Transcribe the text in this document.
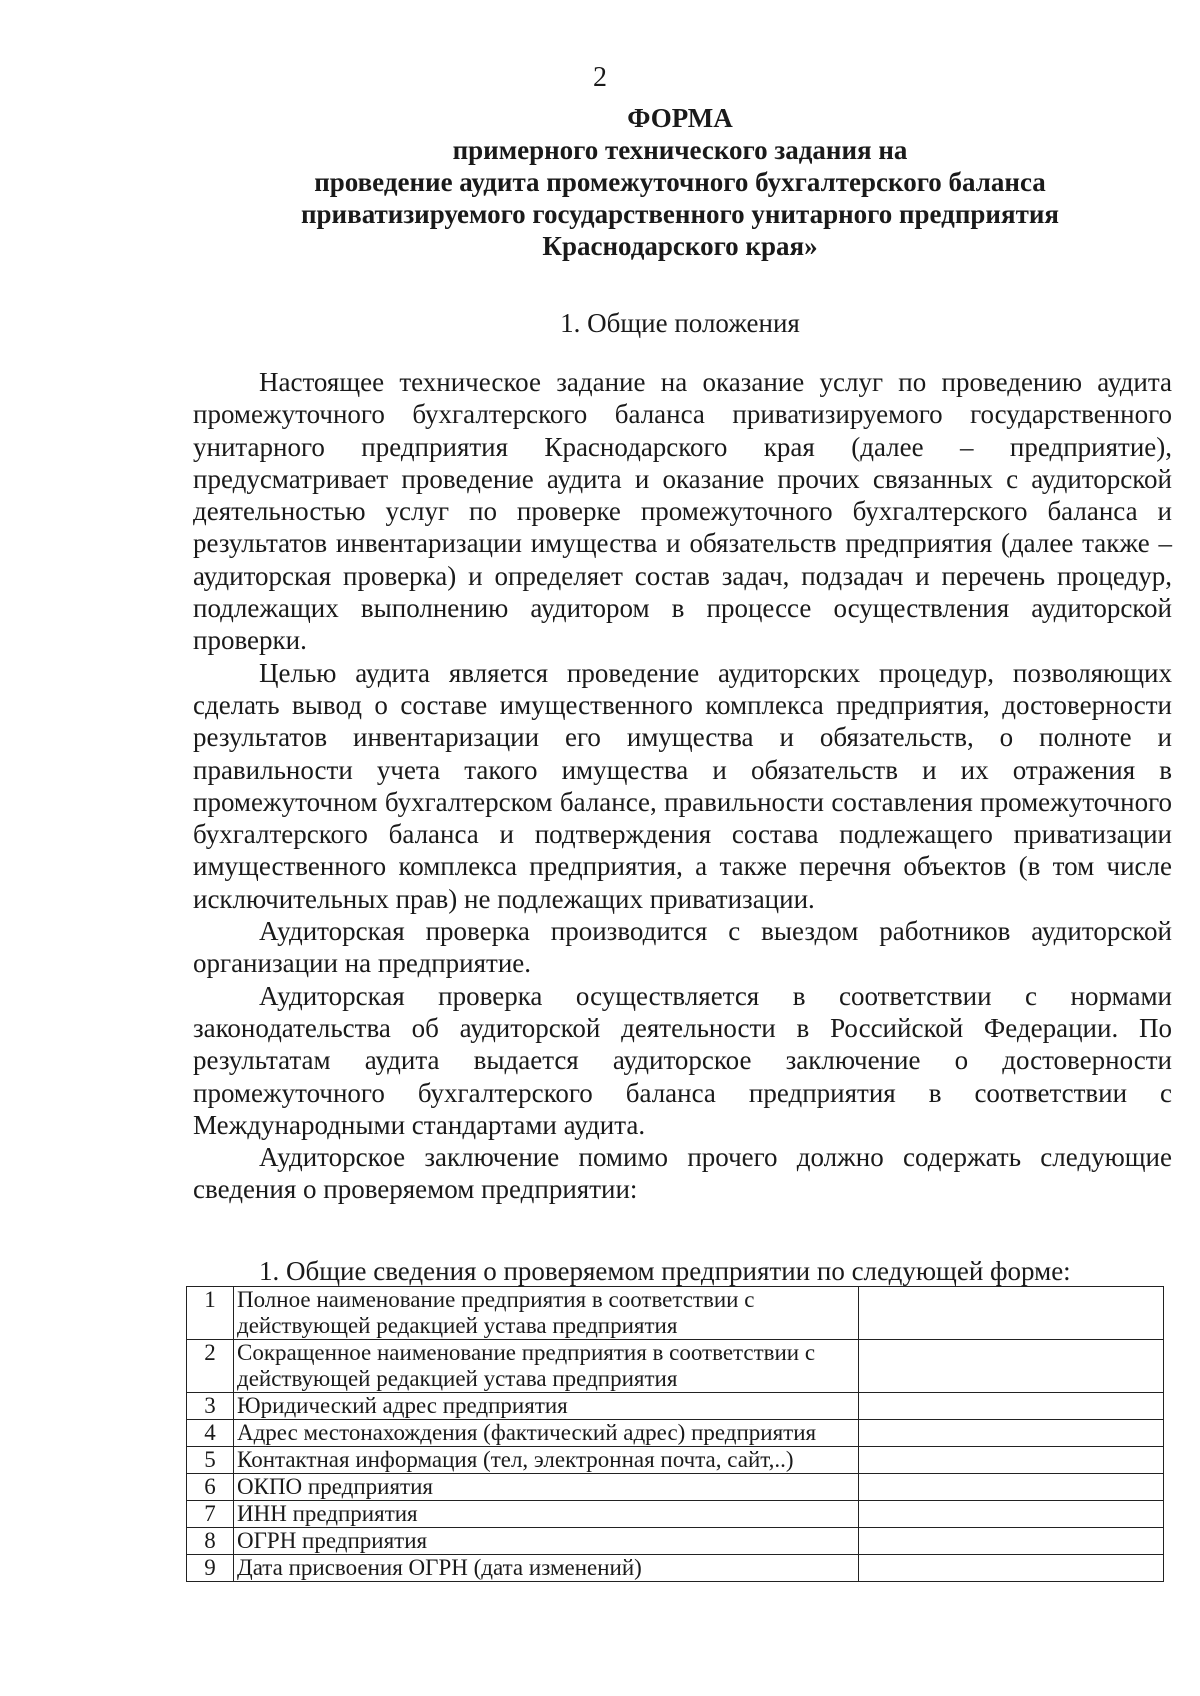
2
ФОРМА
примерного технического задания на
проведение аудита промежуточного бухгалтерского баланса
приватизируемого государственного унитарного предприятия
Краснодарского края»
1. Общие положения

Настоящее техническое задание на оказание услуг по проведению аудита промежуточного бухгалтерского баланса приватизируемого государственного унитарного предприятия Краснодарского края (далее – предприятие), предусматривает проведение аудита и оказание прочих связанных с аудиторской деятельностью услуг по проверке промежуточного бухгалтерского баланса и результатов инвентаризации имущества и обязательств предприятия (далее также – аудиторская проверка) и определяет состав задач, подзадач и перечень процедур, подлежащих выполнению аудитором в процессе осуществления аудиторской проверки.

Целью аудита является проведение аудиторских процедур, позволяющих сделать вывод о составе имущественного комплекса предприятия, достоверности результатов инвентаризации его имущества и обязательств, о полноте и правильности учета такого имущества и обязательств и их отражения в промежуточном бухгалтерском балансе, правильности составления промежуточного бухгалтерского баланса и подтверждения состава подлежащего приватизации имущественного комплекса предприятия, а также перечня объектов (в том числе исключительных прав) не подлежащих приватизации.

Аудиторская проверка производится с выездом работников аудиторской организации на предприятие.

Аудиторская проверка осуществляется в соответствии с нормами законодательства об аудиторской деятельности в Российской Федерации. По результатам аудита выдается аудиторское заключение о достоверности промежуточного бухгалтерского баланса предприятия в соответствии с Международными стандартами аудита.

Аудиторское заключение помимо прочего должно содержать следующие сведения о проверяемом предприятии:

1. Общие сведения о проверяемом предприятии по следующей форме:
1	Полное наименование предприятия в соответствии с действующей редакцией устава предприятия	
2	Сокращенное наименование предприятия в соответствии с действующей редакцией устава предприятия	
3	Юридический адрес предприятия	
4	Адрес местонахождения (фактический адрес) предприятия	
5	Контактная информация (тел, электронная почта, сайт,..)	
6	ОКПО предприятия	
7	ИНН предприятия	
8	ОГРН предприятия	
9	Дата присвоения ОГРН (дата изменений)	
